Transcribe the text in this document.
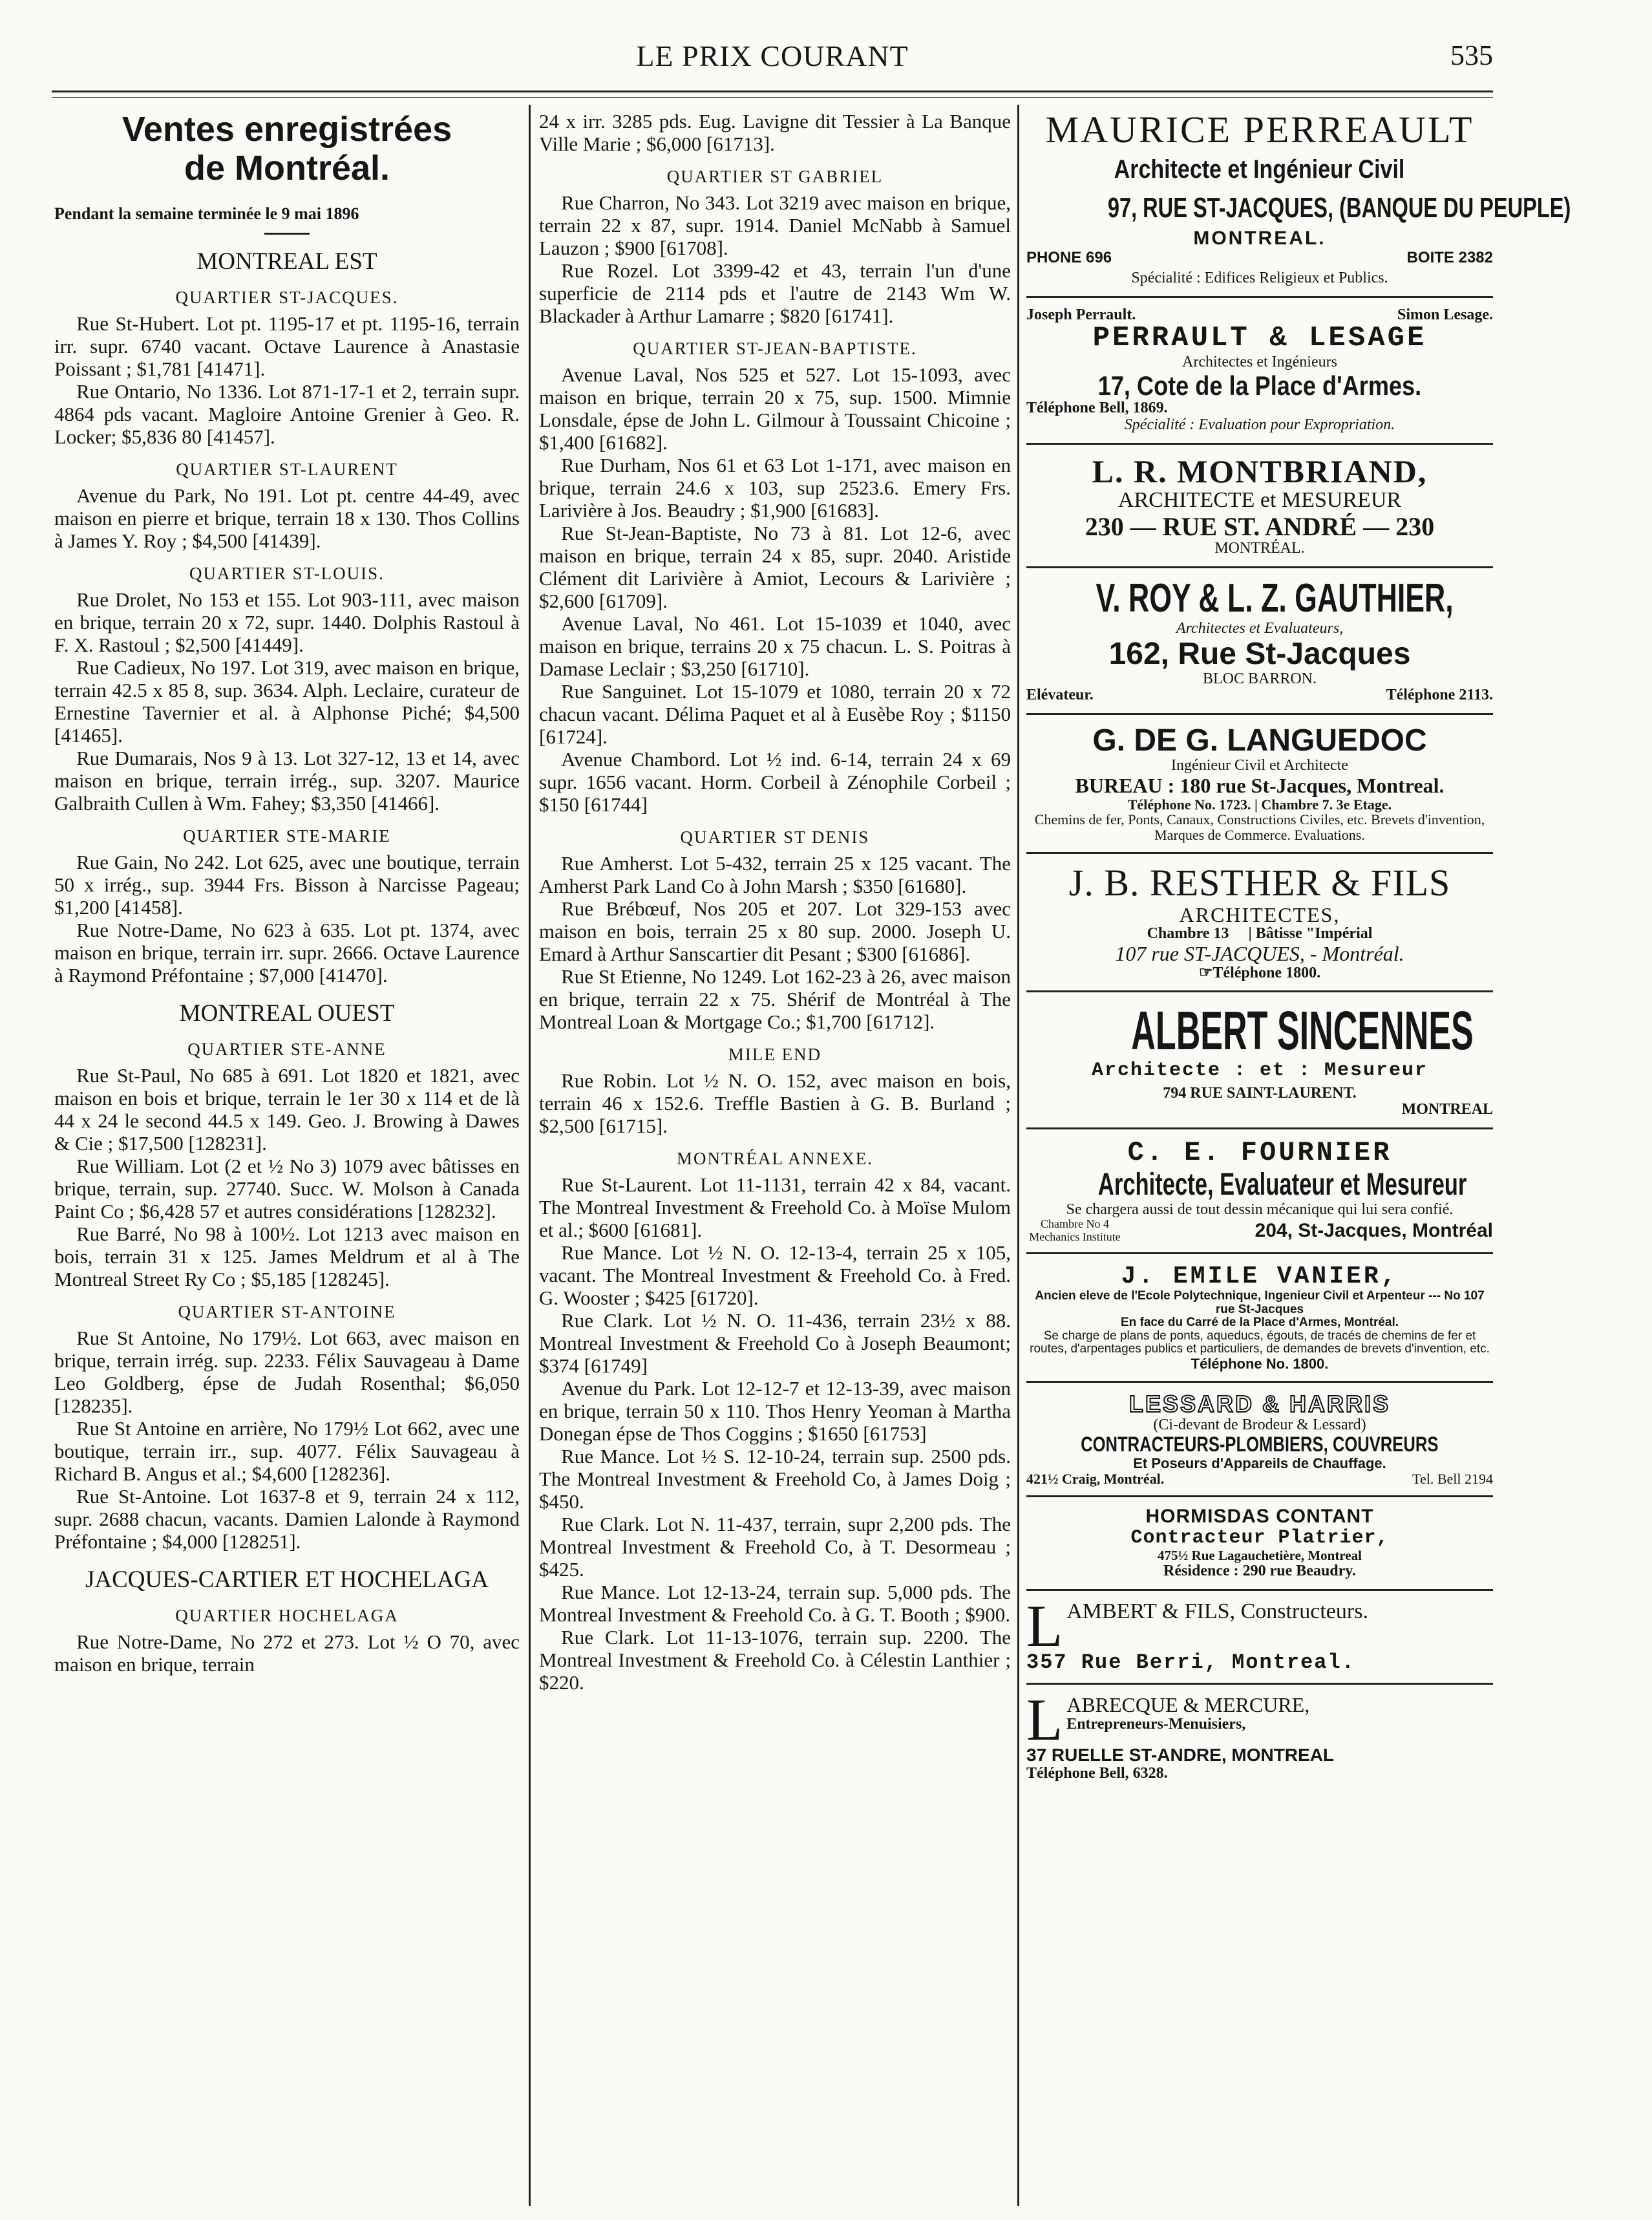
LE PRIX COURANT	535

Ventes enregistrées

de Montréal.

Pendant la semaine terminée le 9 mai 1896

MONTREAL EST

QUARTIER ST-JACQUES.

Rue St-Hubert. Lot pt. 1195-17 et pt. 1195-16, terrain irr. supr. 6740 vacant. Octave Laurence à Anastasie Poissant ; $1,781 [41471].

Rue Ontario, No 1336. Lot 871-17-1 et 2, terrain supr. 4864 pds vacant. Magloire Antoine Grenier à Geo. R. Locker; $5,836 80 [41457].

QUARTIER ST-LAURENT

Avenue du Park, No 191. Lot pt. centre 44-49, avec maison en pierre et brique, terrain 18 x 130. Thos Collins à James Y. Roy ; $4,500 [41439].

QUARTIER ST-LOUIS.

Rue Drolet, No 153 et 155. Lot 903-111, avec maison en brique, terrain 20 x 72, supr. 1440. Dolphis Rastoul à F. X. Rastoul ; $2,500 [41449].

Rue Cadieux, No 197. Lot 319, avec maison en brique, terrain 42.5 x 85 8, sup. 3634. Alph. Leclaire, curateur de Ernestine Tavernier et al. à Alphonse Piché; $4,500 [41465].

Rue Dumarais, Nos 9 à 13. Lot 327-12, 13 et 14, avec maison en brique, terrain irrég., sup. 3207. Maurice Galbraith Cullen à Wm. Fahey; $3,350 [41466].

QUARTIER STE-MARIE

Rue Gain, No 242. Lot 625, avec une boutique, terrain 50 x irrég., sup. 3944 Frs. Bisson à Narcisse Pageau; $1,200 [41458].

Rue Notre-Dame, No 623 à 635. Lot pt. 1374, avec maison en brique, terrain irr. supr. 2666. Octave Laurence à Raymond Préfontaine ; $7,000 [41470].

MONTREAL OUEST

QUARTIER STE-ANNE

Rue St-Paul, No 685 à 691. Lot 1820 et 1821, avec maison en bois et brique, terrain le 1er 30 x 114 et de là 44 x 24 le second 44.5 x 149. Geo. J. Browing à Dawes & Cie ; $17,500 [128231].

Rue William. Lot (2 et ½ No 3) 1079 avec bâtisses en brique, terrain, sup. 27740. Succ. W. Molson à Canada Paint Co ; $6,428 57 et autres considérations [128232].

Rue Barré, No 98 à 100½. Lot 1213 avec maison en bois, terrain 31 x 125. James Meldrum et al à The Montreal Street Ry Co ; $5,185 [128245].

QUARTIER ST-ANTOINE

Rue St Antoine, No 179½. Lot 663, avec maison en brique, terrain irrég. sup. 2233. Félix Sauvageau à Dame Leo Goldberg, épse de Judah Rosenthal; $6,050 [128235].

Rue St Antoine en arrière, No 179½ Lot 662, avec une boutique, terrain irr., sup. 4077. Félix Sauvageau à Richard B. Angus et al.; $4,600 [128236].

Rue St-Antoine. Lot 1637-8 et 9, terrain 24 x 112, supr. 2688 chacun, vacants. Damien Lalonde à Raymond Préfontaine ; $4,000 [128251].

JACQUES-CARTIER ET HOCHELAGA

QUARTIER HOCHELAGA

Rue Notre-Dame, No 272 et 273. Lot ½ O 70, avec maison en brique, terrain

24 x irr. 3285 pds. Eug. Lavigne dit Tessier à La Banque Ville Marie ; $6,000 [61713].

QUARTIER ST GABRIEL

Rue Charron, No 343. Lot 3219 avec maison en brique, terrain 22 x 87, supr. 1914. Daniel McNabb à Samuel Lauzon ; $900 [61708].

Rue Rozel. Lot 3399-42 et 43, terrain l'un d'une superficie de 2114 pds et l'autre de 2143 Wm W. Blackader à Arthur Lamarre ; $820 [61741].

QUARTIER ST-JEAN-BAPTISTE.

Avenue Laval, Nos 525 et 527. Lot 15-1093, avec maison en brique, terrain 20 x 75, sup. 1500. Mimnie Lonsdale, épse de John L. Gilmour à Toussaint Chicoine ; $1,400 [61682].

Rue Durham, Nos 61 et 63 Lot 1-171, avec maison en brique, terrain 24.6 x 103, sup 2523.6. Emery Frs. Larivière à Jos. Beaudry ; $1,900 [61683].

Rue St-Jean-Baptiste, No 73 à 81. Lot 12-6, avec maison en brique, terrain 24 x 85, supr. 2040. Aristide Clément dit Larivière à Amiot, Lecours & Larivière ; $2,600 [61709].

Avenue Laval, No 461. Lot 15-1039 et 1040, avec maison en brique, terrains 20 x 75 chacun. L. S. Poitras à Damase Leclair ; $3,250 [61710].

Rue Sanguinet. Lot 15-1079 et 1080, terrain 20 x 72 chacun vacant. Délima Paquet et al à Eusèbe Roy ; $1150 [61724].

Avenue Chambord. Lot ½ ind. 6-14, terrain 24 x 69 supr. 1656 vacant. Horm. Corbeil à Zénophile Corbeil ; $150 [61744]

QUARTIER ST DENIS

Rue Amherst. Lot 5-432, terrain 25 x 125 vacant. The Amherst Park Land Co à John Marsh ; $350 [61680].

Rue Brébœuf, Nos 205 et 207. Lot 329-153 avec maison en bois, terrain 25 x 80 sup. 2000. Joseph U. Emard à Arthur Sanscartier dit Pesant ; $300 [61686].

Rue St Etienne, No 1249. Lot 162-23 à 26, avec maison en brique, terrain 22 x 75. Shérif de Montréal à The Montreal Loan & Mortgage Co.; $1,700 [61712].

MILE END

Rue Robin. Lot ½ N. O. 152, avec maison en bois, terrain 46 x 152.6. Treffle Bastien à G. B. Burland ; $2,500 [61715].

MONTRÉAL ANNEXE.

Rue St-Laurent. Lot 11-1131, terrain 42 x 84, vacant. The Montreal Investment & Freehold Co. à Moïse Mulom et al.; $600 [61681].

Rue Mance. Lot ½ N. O. 12-13-4, terrain 25 x 105, vacant. The Montreal Investment & Freehold Co. à Fred. G. Wooster ; $425 [61720].

Rue Clark. Lot ½ N. O. 11-436, terrain 23½ x 88. Montreal Investment & Freehold Co à Joseph Beaumont; $374 [61749]

Avenue du Park. Lot 12-12-7 et 12-13-39, avec maison en brique, terrain 50 x 110. Thos Henry Yeoman à Martha Donegan épse de Thos Coggins ; $1650 [61753]

Rue Mance. Lot ½ S. 12-10-24, terrain sup. 2500 pds. The Montreal Investment & Freehold Co, à James Doig ; $450.

Rue Clark. Lot N. 11-437, terrain, supr 2,200 pds. The Montreal Investment & Freehold Co, à T. Desormeau ; $425.

Rue Mance. Lot 12-13-24, terrain sup. 5,000 pds. The Montreal Investment & Freehold Co. à G. T. Booth ; $900.

Rue Clark. Lot 11-13-1076, terrain sup. 2200. The Montreal Investment & Freehold Co. à Célestin Lanthier ; $220.

MAURICE PERREAULT

Architecte et Ingénieur Civil

97, RUE ST-JACQUES, (BANQUE DU PEUPLE)

MONTREAL.

PHONE 696	BOITE 2382

Spécialité : Edifices Religieux et Publics.

Joseph Perrault.	Simon Lesage.

PERRAULT & LESAGE

Architectes et Ingénieurs

17, Cote de la Place d'Armes.

Téléphone Bell, 1869.

Spécialité : Evaluation pour Expropriation.

L. R. MONTBRIAND,

ARCHITECTE et MESUREUR

230 — RUE ST. ANDRÉ — 230

MONTRÉAL.

V. ROY & L. Z. GAUTHIER,

Architectes et Evaluateurs,

162, Rue St-Jacques

BLOC BARRON.

Elévateur.	Téléphone 2113.

G. DE G. LANGUEDOC

Ingénieur Civil et Architecte

BUREAU : 180 rue St-Jacques, Montreal.

Téléphone No. 1723. | Chambre 7. 3e Etage.

Chemins de fer, Ponts, Canaux, Constructions Civiles, etc. Brevets d'invention, Marques de Commerce. Evaluations.

J. B. RESTHER & FILS

ARCHITECTES,

Chambre 13 | Bâtisse "Impérial

107 rue ST-JACQUES, - Montréal.

☞Téléphone 1800.

ALBERT SINCENNES

Architecte : et : Mesureur

794 RUE SAINT-LAURENT.

MONTREAL

C. E. FOURNIER

Architecte, Evaluateur et Mesureur

Se chargera aussi de tout dessin mécanique qui lui sera confié.

Chambre No 4 Mechanics Institute	204, St-Jacques, Montréal

J. EMILE VANIER,

Ancien eleve de l'Ecole Polytechnique, Ingenieur Civil et Arpenteur --- No 107 rue St-Jacques

En face du Carré de la Place d'Armes, Montréal.

Se charge de plans de ponts, aqueducs, égouts, de tracés de chemins de fer et routes, d'arpentages publics et particuliers, de demandes de brevets d'invention, etc.

Téléphone No. 1800.

LESSARD & HARRIS

(Ci-devant de Brodeur & Lessard)

CONTRACTEURS-PLOMBIERS, COUVREURS

Et Poseurs d'Appareils de Chauffage.

421½ Craig, Montréal.	Tel. Bell 2194

HORMISDAS CONTANT

Contracteur Platrier,

475½ Rue Lagauchetière, Montreal

Résidence : 290 rue Beaudry.

L AMBERT & FILS, Constructeurs.

357 Rue Berri, Montreal.

L ABRECQUE & MERCURE,

Entrepreneurs-Menuisiers,

37 RUELLE ST-ANDRE, MONTREAL

Téléphone Bell, 6328.
